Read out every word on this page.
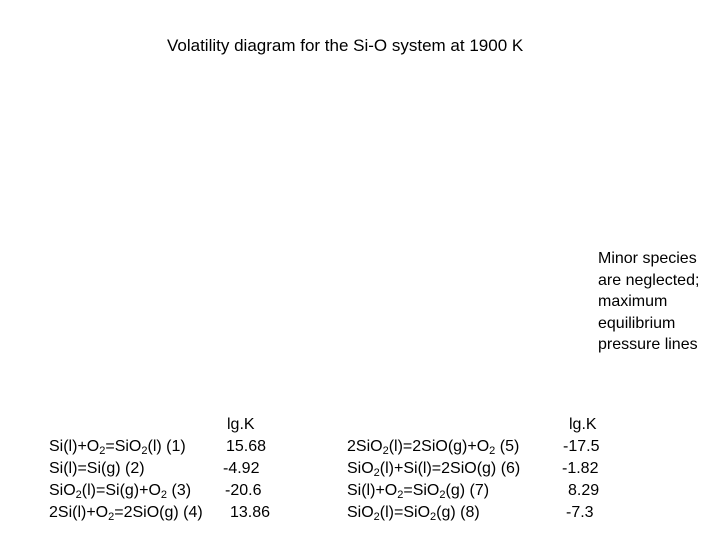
Volatility diagram for the Si-O system at 1900 K
Minor species are neglected; maximum equilibrium pressure lines
lg.K
$Si(l)+O_2=SiO_2(l)$ (1)	15.68
Si(l)=Si(g) (2)	-4.92
$SiO_2(l)=Si(g)+O_2$ (3) -20.6
$2Si(l)+O_2=2SiO(g)$ (4) 13.86
lg.K
$2SiO_2(l)=2SiO(g)+O_2$ (5)	-17.5
SiO$_2$(l)+Si(l)=2SiO(g) (6)	-1.82
$Si(l)+O_2=SiO_2(g)$ (7)	8.29
SiO$_2$(l)=SiO$_2$(g) (8)	-7.3
